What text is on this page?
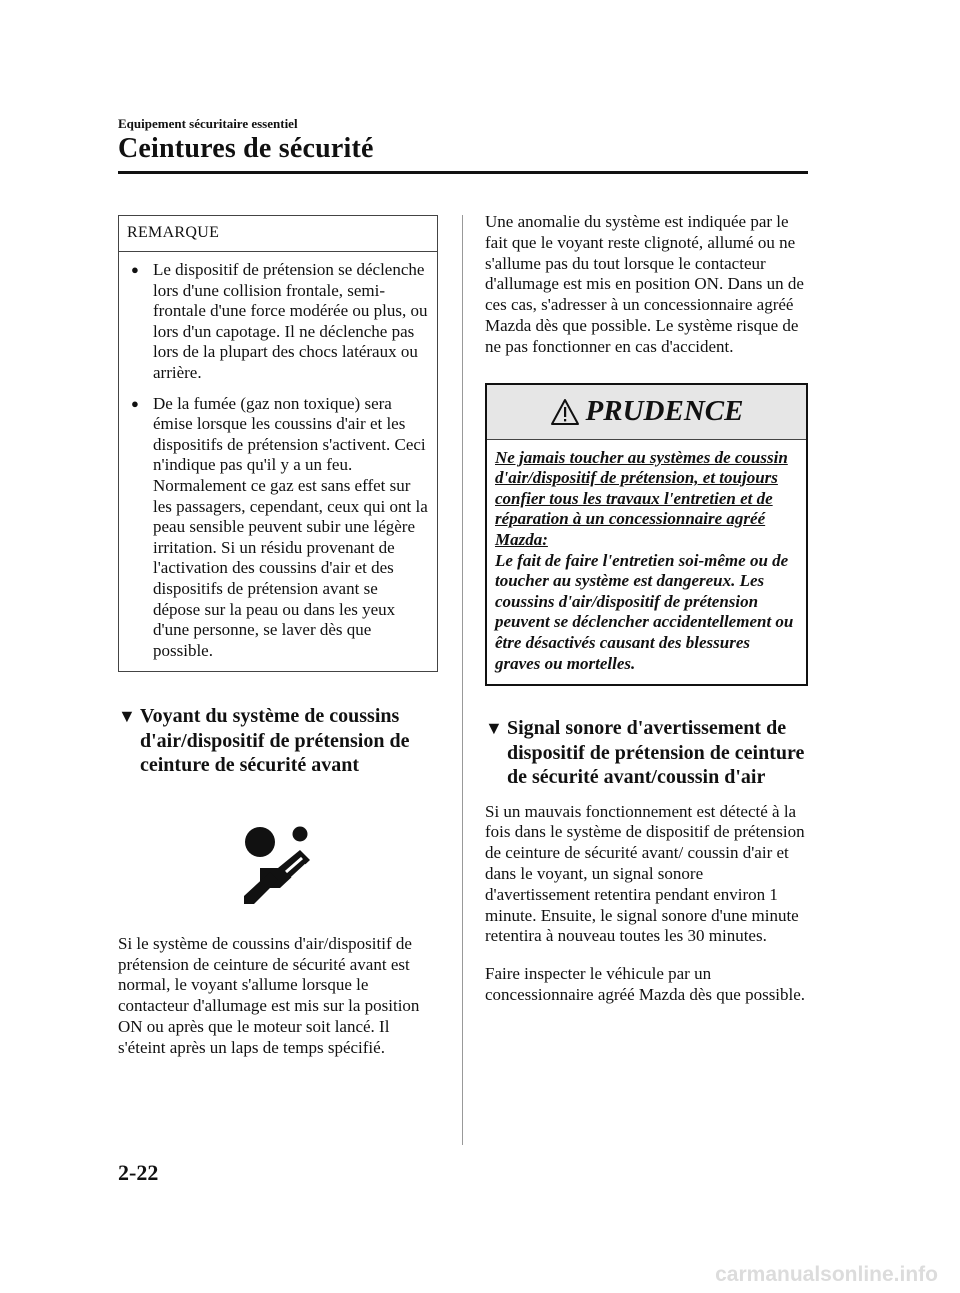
Equipement sécuritaire essentiel
Ceintures de sécurité
REMARQUE
● Le dispositif de prétension se déclenche lors d'une collision frontale, semi-frontale d'une force modérée ou plus, ou lors d'un capotage. Il ne déclenche pas lors de la plupart des chocs latéraux ou arrière.
● De la fumée (gaz non toxique) sera émise lorsque les coussins d'air et les dispositifs de prétension s'activent. Ceci n'indique pas qu'il y a un feu. Normalement ce gaz est sans effet sur les passagers, cependant, ceux qui ont la peau sensible peuvent subir une légère irritation. Si un résidu provenant de l'activation des coussins d'air et des dispositifs de prétension avant se dépose sur la peau ou dans les yeux d'une personne, se laver dès que possible.
▼ Voyant du système de coussins d'air/dispositif de prétension de ceinture de sécurité avant
Si le système de coussins d'air/dispositif de prétension de ceinture de sécurité avant est normal, le voyant s'allume lorsque le contacteur d'allumage est mis sur la position ON ou après que le moteur soit lancé. Il s'éteint après un laps de temps spécifié.
Une anomalie du système est indiquée par le fait que le voyant reste clignoté, allumé ou ne s'allume pas du tout lorsque le contacteur d'allumage est mis en position ON. Dans un de ces cas, s'adresser à un concessionnaire agréé Mazda dès que possible. Le système risque de ne pas fonctionner en cas d'accident.
PRUDENCE
Ne jamais toucher au systèmes de coussin d'air/dispositif de prétension, et toujours confier tous les travaux l'entretien et de réparation à un concessionnaire agréé Mazda:
Le fait de faire l'entretien soi-même ou de toucher au système est dangereux. Les coussins d'air/dispositif de prétension peuvent se déclencher accidentellement ou être désactivés causant des blessures graves ou mortelles.
▼ Signal sonore d'avertissement de dispositif de prétension de ceinture de sécurité avant/coussin d'air
Si un mauvais fonctionnement est détecté à la fois dans le système de dispositif de prétension de ceinture de sécurité avant/ coussin d'air et dans le voyant, un signal sonore d'avertissement retentira pendant environ 1 minute. Ensuite, le signal sonore d'une minute retentira à nouveau toutes les 30 minutes.
Faire inspecter le véhicule par un concessionnaire agréé Mazda dès que possible.
2-22
carmanualsonline.info
